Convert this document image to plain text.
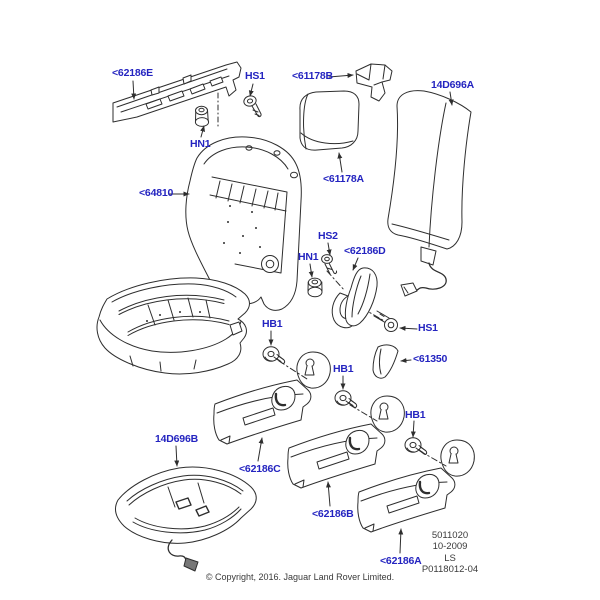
<62186E	HS1	<61178B
14D696A
HN1
<64810
<61178A
HS2
HN1 <62186D
HS1
<61350
HB1
HB1
HB1
<62186C
<62186B
<62186A
14D696B
5011020
10-2009
LS
P0118012-04
© Copyright, 2016. Jaguar Land Rover Limited.
